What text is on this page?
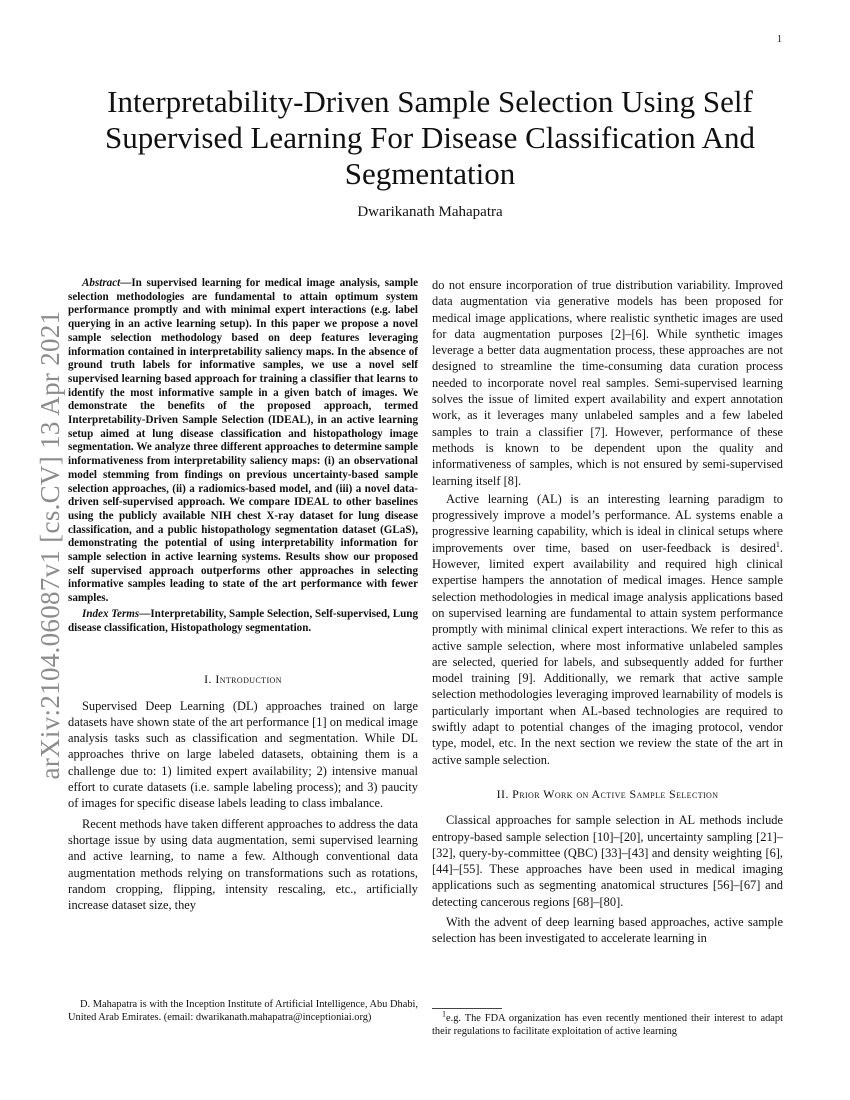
1
arXiv:2104.06087v1 [cs.CV] 13 Apr 2021
Interpretability-Driven Sample Selection Using Self Supervised Learning For Disease Classification And Segmentation
Dwarikanath Mahapatra

Abstract—In supervised learning for medical image analysis, sample selection methodologies are fundamental to attain optimum system performance promptly and with minimal expert interactions (e.g. label querying in an active learning setup). In this paper we propose a novel sample selection methodology based on deep features leveraging information contained in interpretability saliency maps. In the absence of ground truth labels for informative samples, we use a novel self supervised learning based approach for training a classifier that learns to identify the most informative sample in a given batch of images. We demonstrate the benefits of the proposed approach, termed Interpretability-Driven Sample Selection (IDEAL), in an active learning setup aimed at lung disease classification and histopathology image segmentation. We analyze three different approaches to determine sample informativeness from interpretability saliency maps: (i) an observational model stemming from findings on previous uncertainty-based sample selection approaches, (ii) a radiomics-based model, and (iii) a novel data-driven self-supervised approach. We compare IDEAL to other baselines using the publicly available NIH chest X-ray dataset for lung disease classification, and a public histopathology segmentation dataset (GLaS), demonstrating the potential of using interpretability information for sample selection in active learning systems. Results show our proposed self supervised approach outperforms other approaches in selecting informative samples leading to state of the art performance with fewer samples.

Index Terms—Interpretability, Sample Selection, Self-supervised, Lung disease classification, Histopathology segmentation.

I. Introduction

Supervised Deep Learning (DL) approaches trained on large datasets have shown state of the art performance [1] on medical image analysis tasks such as classification and segmentation. While DL approaches thrive on large labeled datasets, obtaining them is a challenge due to: 1) limited expert availability; 2) intensive manual effort to curate datasets (i.e. sample labeling process); and 3) paucity of images for specific disease labels leading to class imbalance.

Recent methods have taken different approaches to address the data shortage issue by using data augmentation, semi supervised learning and active learning, to name a few. Although conventional data augmentation methods relying on transformations such as rotations, random cropping, flipping, intensity rescaling, etc., artificially increase dataset size, they

do not ensure incorporation of true distribution variability. Improved data augmentation via generative models has been proposed for medical image applications, where realistic synthetic images are used for data augmentation purposes [2]–[6]. While synthetic images leverage a better data augmentation process, these approaches are not designed to streamline the time-consuming data curation process needed to incorporate novel real samples. Semi-supervised learning solves the issue of limited expert availability and expert annotation work, as it leverages many unlabeled samples and a few labeled samples to train a classifier [7]. However, performance of these methods is known to be dependent upon the quality and informativeness of samples, which is not ensured by semi-supervised learning itself [8].

Active learning (AL) is an interesting learning paradigm to progressively improve a model’s performance. AL systems enable a progressive learning capability, which is ideal in clinical setups where improvements over time, based on user-feedback is desired$^1$. However, limited expert availability and required high clinical expertise hampers the annotation of medical images. Hence sample selection methodologies in medical image analysis applications based on supervised learning are fundamental to attain system performance promptly with minimal clinical expert interactions. We refer to this as active sample selection, where most informative unlabeled samples are selected, queried for labels, and subsequently added for further model training [9]. Additionally, we remark that active sample selection methodologies leveraging improved learnability of models is particularly important when AL-based technologies are required to swiftly adapt to potential changes of the imaging protocol, vendor type, model, etc. In the next section we review the state of the art in active sample selection.

II. Prior Work on Active Sample Selection

Classical approaches for sample selection in AL methods include entropy-based sample selection [10]–[20], uncertainty sampling [21]–[32], query-by-committee (QBC) [33]–[43] and density weighting [6], [44]–[55]. These approaches have been used in medical imaging applications such as segmenting anatomical structures [56]–[67] and detecting cancerous regions [68]–[80].

With the advent of deep learning based approaches, active sample selection has been investigated to accelerate learning in

D. Mahapatra is with the Inception Institute of Artificial Intelligence, Abu Dhabi, United Arab Emirates. (email: dwarikanath.mahapatra@inceptioniai.org)	$^1$e.g. The FDA organization has even recently mentioned their interest to adapt their regulations to facilitate exploitation of active learning
